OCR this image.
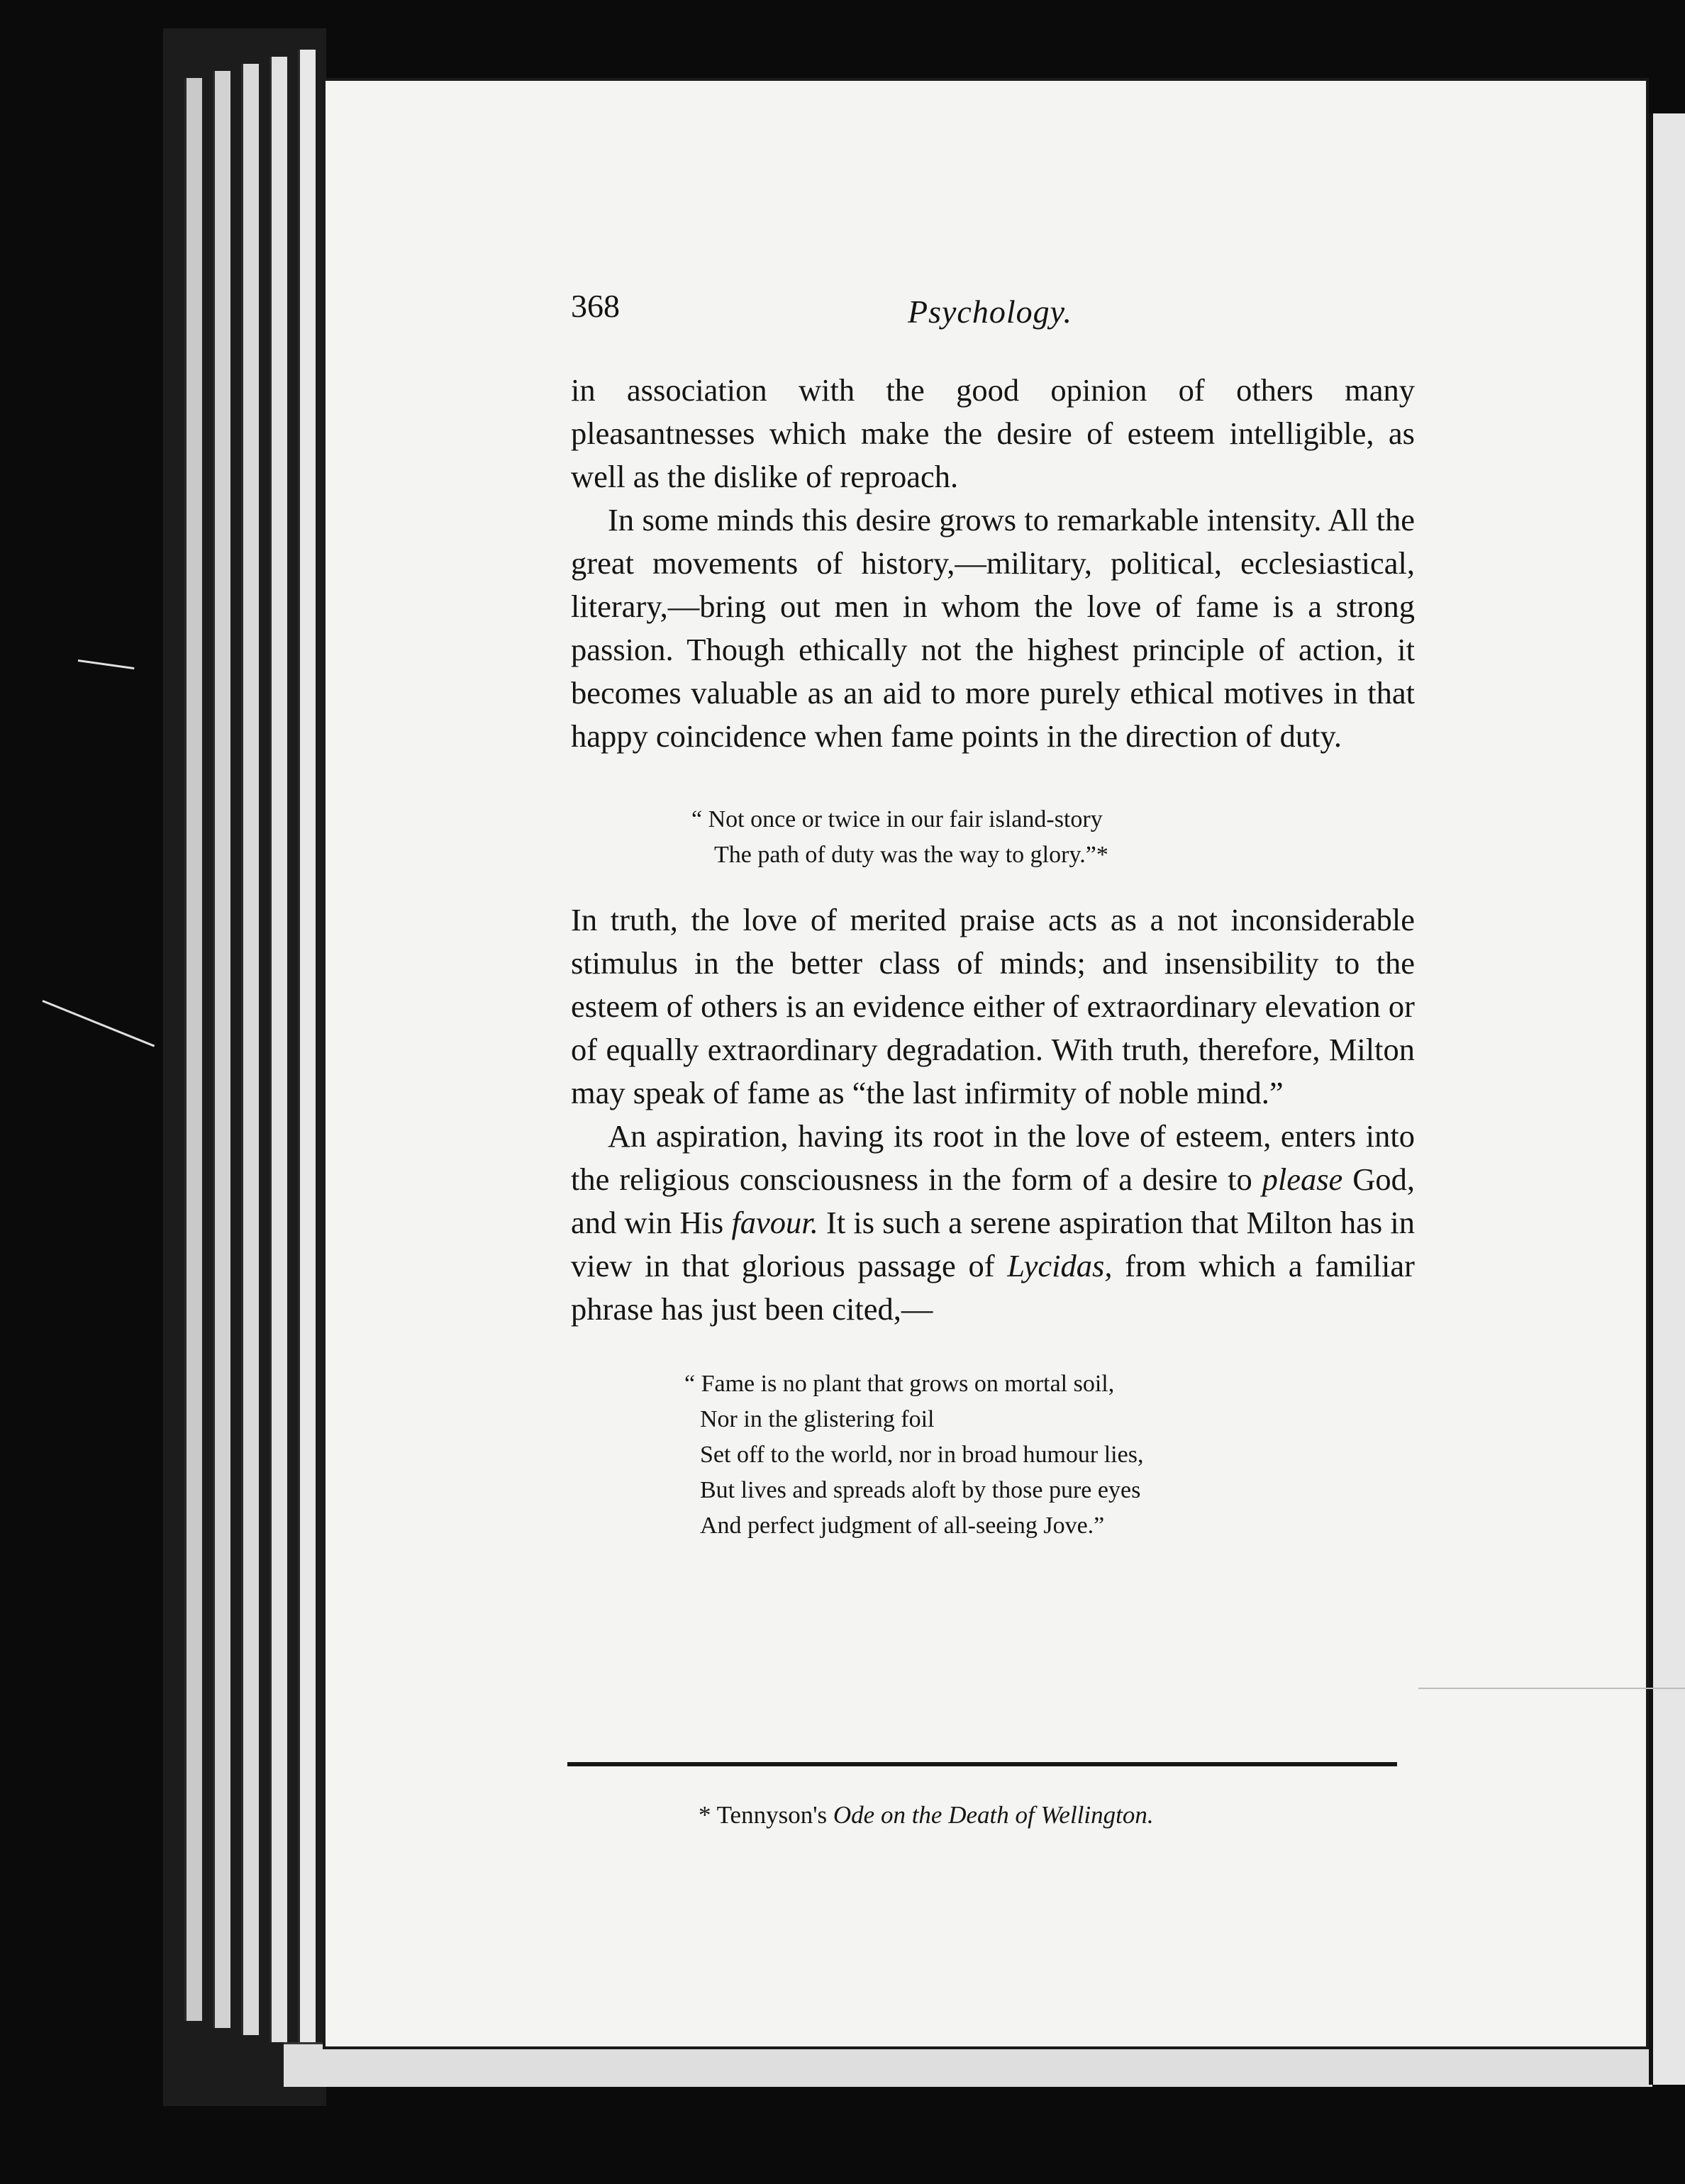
368	Psychology.

in association with the good opinion of others many pleasantnesses which make the desire of esteem intelligible, as well as the dislike of reproach.

In some minds this desire grows to remarkable intensity. All the great movements of history,—military, political, ecclesiastical, literary,—bring out men in whom the love of fame is a strong passion. Though ethically not the highest principle of action, it becomes valuable as an aid to more purely ethical motives in that happy coincidence when fame points in the direction of duty.

“ Not once or twice in our fair island-story
The path of duty was the way to glory.”*

In truth, the love of merited praise acts as a not inconsiderable stimulus in the better class of minds; and insensibility to the esteem of others is an evidence either of extraordinary elevation or of equally extraordinary degradation. With truth, therefore, Milton may speak of fame as “the last infirmity of noble mind.”

An aspiration, having its root in the love of esteem, enters into the religious consciousness in the form of a desire to please God, and win His favour. It is such a serene aspiration that Milton has in view in that glorious passage of Lycidas, from which a familiar phrase has just been cited,—

“ Fame is no plant that grows on mortal soil,
Nor in the glistering foil
Set off to the world, nor in broad humour lies,
But lives and spreads aloft by those pure eyes
And perfect judgment of all-seeing Jove.”
* Tennyson's Ode on the Death of Wellington.
